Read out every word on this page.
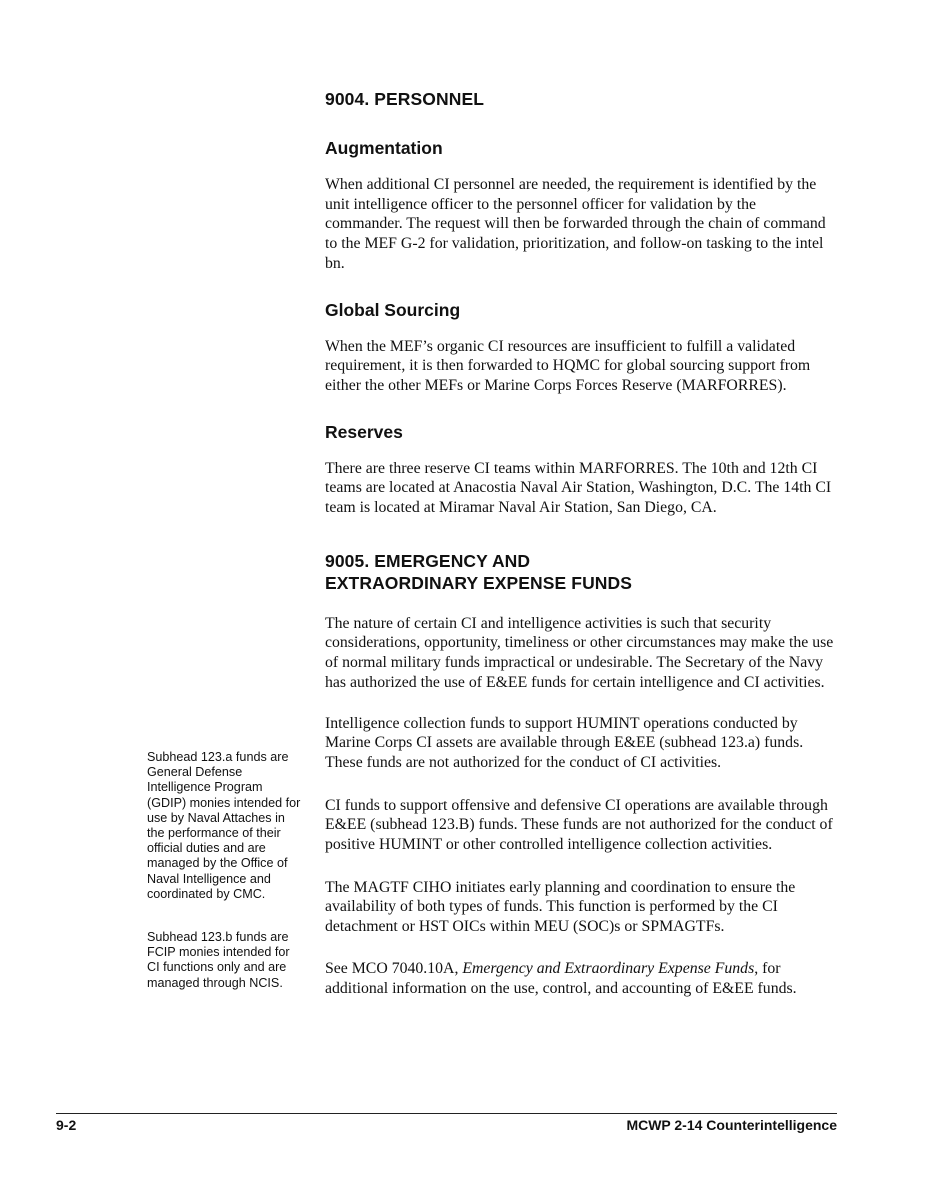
9004. PERSONNEL
Augmentation

When additional CI personnel are needed, the requirement is identified by the unit intelligence officer to the personnel officer for validation by the commander. The request will then be forwarded through the chain of command to the MEF G-2 for validation, prioritization, and follow-on tasking to the intel bn.

Global Sourcing

When the MEF’s organic CI resources are insufficient to fulfill a validated requirement, it is then forwarded to HQMC for global sourcing support from either the other MEFs or Marine Corps Forces Reserve (MARFORRES).

Reserves

There are three reserve CI teams within MARFORRES. The 10th and 12th CI teams are located at Anacostia Naval Air Station, Washington, D.C. The 14th CI team is located at Miramar Naval Air Station, San Diego, CA.

9005. EMERGENCY AND
EXTRAORDINARY EXPENSE FUNDS

The nature of certain CI and intelligence activities is such that security considerations, opportunity, timeliness or other circumstances may make the use of normal military funds impractical or undesirable. The Secretary of the Navy has authorized the use of E&EE funds for certain intelligence and CI activities.

Intelligence collection funds to support HUMINT operations conducted by Marine Corps CI assets are available through E&EE (subhead 123.a) funds. These funds are not authorized for the conduct of CI activities.

CI funds to support offensive and defensive CI operations are available through E&EE (subhead 123.B) funds. These funds are not authorized for the conduct of positive HUMINT or other controlled intelligence collection activities.

The MAGTF CIHO initiates early planning and coordination to ensure the availability of both types of funds. This function is performed by the CI detachment or HST OICs within MEU (SOC)s or SPMAGTFs.

See MCO 7040.10A, Emergency and Extraordinary Expense Funds, for additional information on the use, control, and accounting of E&EE funds.

Subhead 123.a funds are General Defense Intelligence Program (GDIP) monies intended for use by Naval Attaches in the performance of their official duties and are managed by the Office of Naval Intelligence and coordinated by CMC.
Subhead 123.b funds are FCIP monies intended for CI functions only and are managed through NCIS.
9-2	MCWP 2-14 Counterintelligence
